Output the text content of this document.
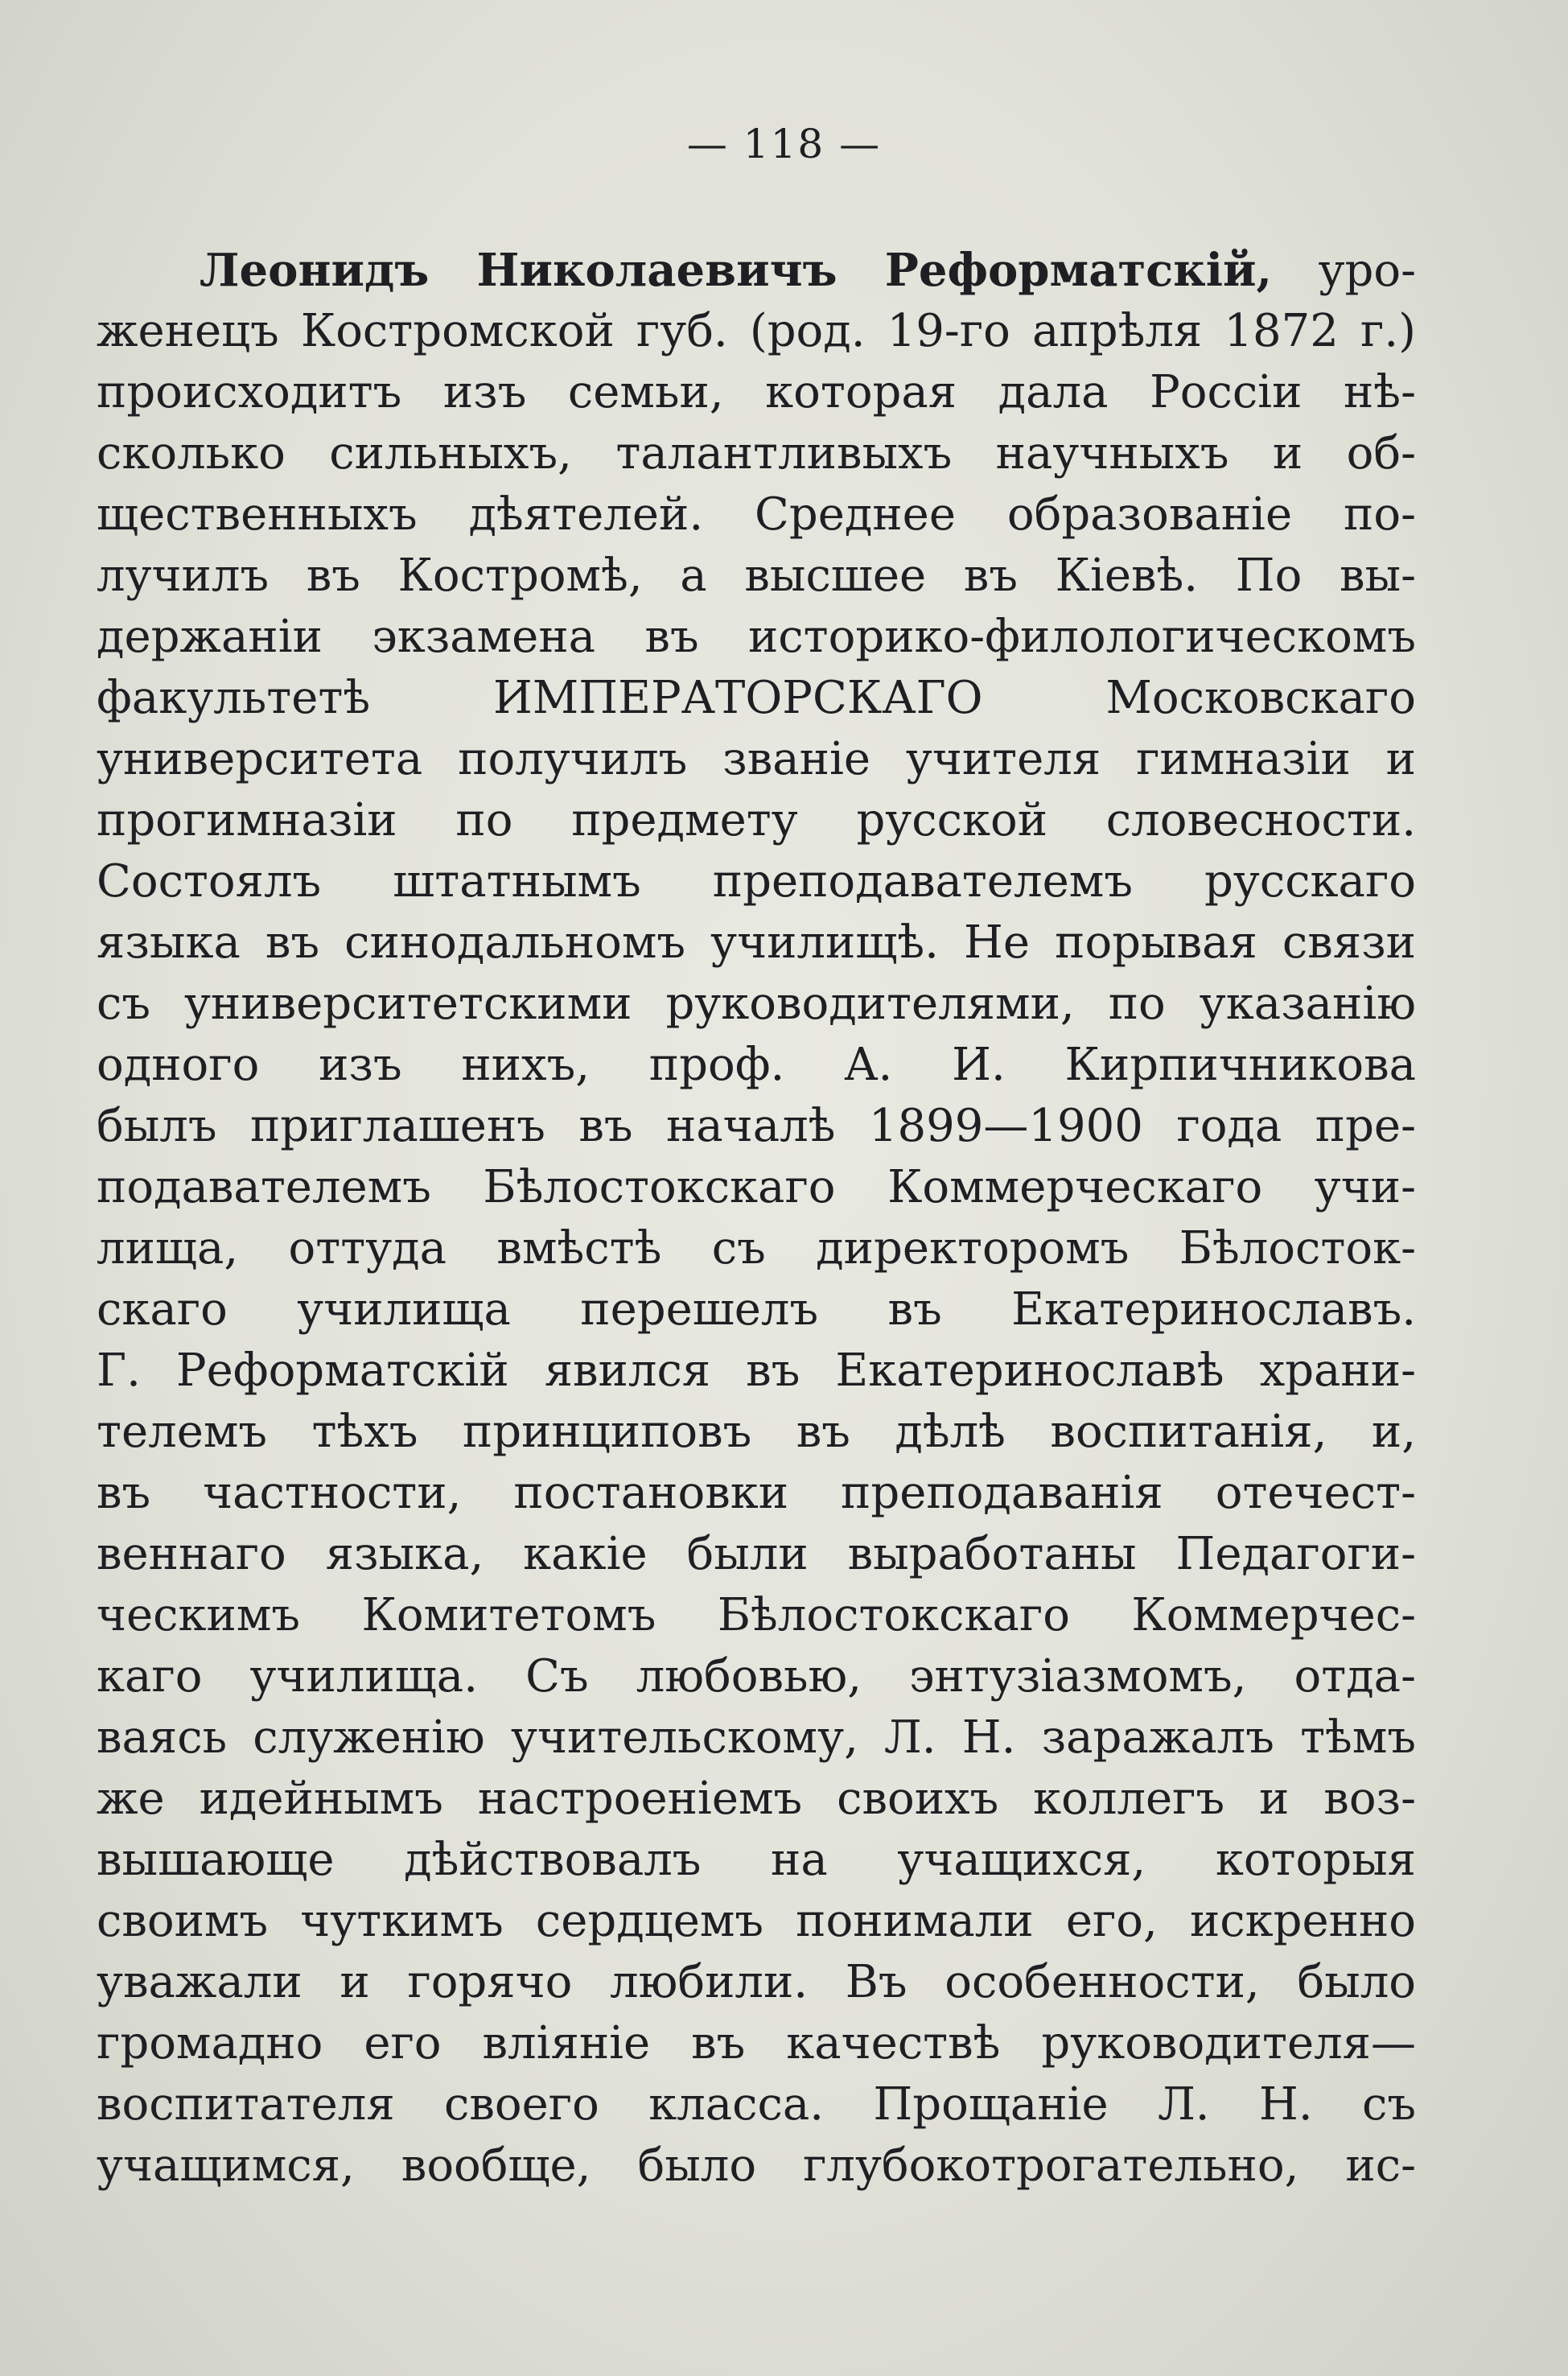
— 118 —
Леонидъ Николаевичъ Реформатскій, уро-
женецъ Костромской губ. (род. 19-го апрѣля 1872 г.)
происходитъ изъ семьи, которая дала Россіи нѣ-
сколько сильныхъ, талантливыхъ научныхъ и об-
щественныхъ дѣятелей. Среднее образованіе по-
лучилъ въ Костромѣ, а высшее въ Кіевѣ. По вы-
держаніи экзамена въ историко-филологическомъ
факультетѣ ИМПЕРАТОРСКАГО Московскаго
университета получилъ званіе учителя гимназіи и
прогимназіи по предмету русской словесности.
Состоялъ штатнымъ преподавателемъ русскаго
языка въ синодальномъ училищѣ. Не порывая связи
съ университетскими руководителями, по указанію
одного изъ нихъ, проф. А. И. Кирпичникова
былъ приглашенъ въ началѣ 1899—1900 года пре-
подавателемъ Бѣлостокскаго Коммерческаго учи-
лища, оттуда вмѣстѣ съ директоромъ Бѣлосток-
скаго училища перешелъ въ Екатеринославъ.
Г. Реформатскій явился въ Екатеринославѣ храни-
телемъ тѣхъ принциповъ въ дѣлѣ воспитанія, и,
въ частности, постановки преподаванія отечест-
веннаго языка, какіе были выработаны Педагоги-
ческимъ Комитетомъ Бѣлостокскаго Коммерчес-
каго училища. Съ любовью, энтузіазмомъ, отда-
ваясь служенію учительскому, Л. Н. заражалъ тѣмъ
же идейнымъ настроеніемъ своихъ коллегъ и воз-
вышающе дѣйствовалъ на учащихся, которыя
своимъ чуткимъ сердцемъ понимали его, искренно
уважали и горячо любили. Въ особенности, было
громадно его вліяніе въ качествѣ руководителя—
воспитателя своего класса. Прощаніе Л. Н. съ
учащимся, вообще, было глубокотрогательно, ис-
